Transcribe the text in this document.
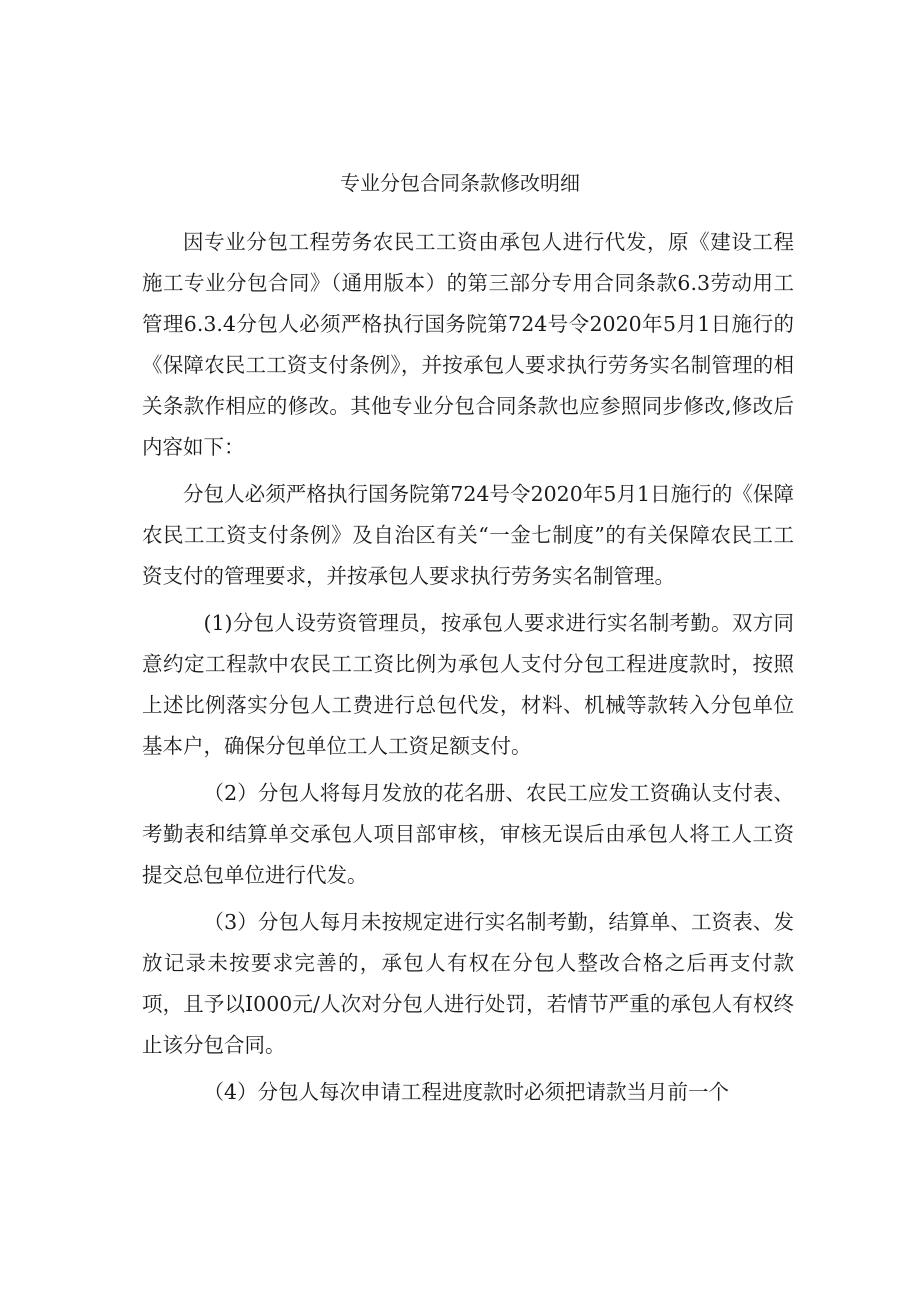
专业分包合同条款修改明细

因专业分包工程劳务农民工工资由承包人进行代发，原《建设工程施工专业分包合同》（通用版本）的第三部分专用合同条款6.3劳动用工管理6.3.4分包人必须严格执行国务院第724号令2020年5月1日施行的《保障农民工工资支付条例》，并按承包人要求执行劳务实名制管理的相关条款作相应的修改。其他专业分包合同条款也应参照同步修改,修改后内容如下：

分包人必须严格执行国务院第724号令2020年5月1日施行的《保障农民工工资支付条例》及自治区有关“一金七制度”的有关保障农民工工资支付的管理要求，并按承包人要求执行劳务实名制管理。

(1)分包人设劳资管理员，按承包人要求进行实名制考勤。双方同意约定工程款中农民工工资比例为承包人支付分包工程进度款时，按照上述比例落实分包人工费进行总包代发，材料、机械等款转入分包单位基本户，确保分包单位工人工资足额支付。

（2）分包人将每月发放的花名册、农民工应发工资确认支付表、考勤表和结算单交承包人项目部审核，审核无误后由承包人将工人工资提交总包单位进行代发。

（3）分包人每月未按规定进行实名制考勤，结算单、工资表、发放记录未按要求完善的，承包人有权在分包人整改合格之后再支付款项，且予以I000元/人次对分包人进行处罚，若情节严重的承包人有权终止该分包合同。

（4）分包人每次申请工程进度款时必须把请款当月前一个
